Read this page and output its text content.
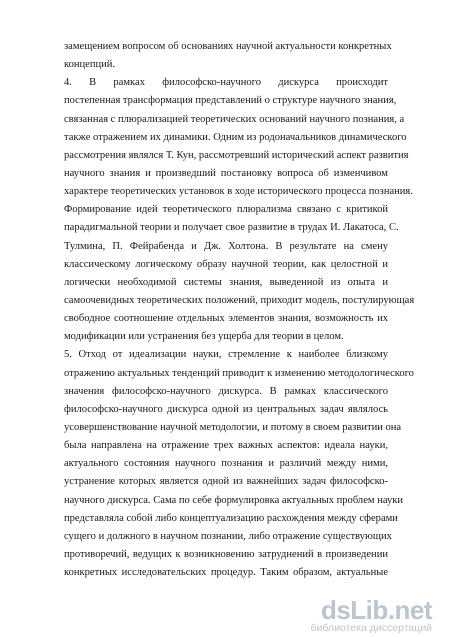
замещением вопросом об основаниях научной актуальности конкретных
концепций.
4. В рамках философско-научного дискурса происходит
постепенная трансформация представлений о структуре научного знания,
связанная с плюрализацией теоретических оснований научного познания, а
также отражением их динамики. Одним из родоначальников динамического
рассмотрения являлся Т. Кун, рассмотревший исторический аспект развития
научного знания и произведший постановку вопроса об изменчивом
характере теоретических установок в ходе исторического процесса познания.
Формирование идей теоретического плюрализма связано с критикой
парадигмальной теории и получает свое развитие в трудах И. Лакатоса, С.
Тулмина, П. Фейрабенда и Дж. Холтона. В результате на смену
классическому логическому образу научной теории, как целостной и
логически необходимой системы знания, выведенной из опыта и
самоочевидных теоретических положений, приходит модель, постулирующая
свободное соотношение отдельных элементов знания, возможность их
модификации или устранения без ущерба для теории в целом.
5. Отход от идеализации науки, стремление к наиболее близкому
отражению актуальных тенденций приводит к изменению методологического
значения философско-научного дискурса. В рамках классического
философско-научного дискурса одной из центральных задач являлось
усовершенствование научной методологии, и потому в своем развитии она
была направлена на отражение трех важных аспектов: идеала науки,
актуального состояния научного познания и различий между ними,
устранение которых является одной из важнейших задач философско-
научного дискурса. Сама по себе формулировка актуальных проблем науки
представляла собой либо концептуализацию расхождения между сферами
сущего и должного в научном познании, либо отражение существующих
противоречий, ведущих к возникновению затруднений в произведении
конкретных исследовательских процедур. Таким образом, актуальные
dsLib.net
библиотека диссертаций
